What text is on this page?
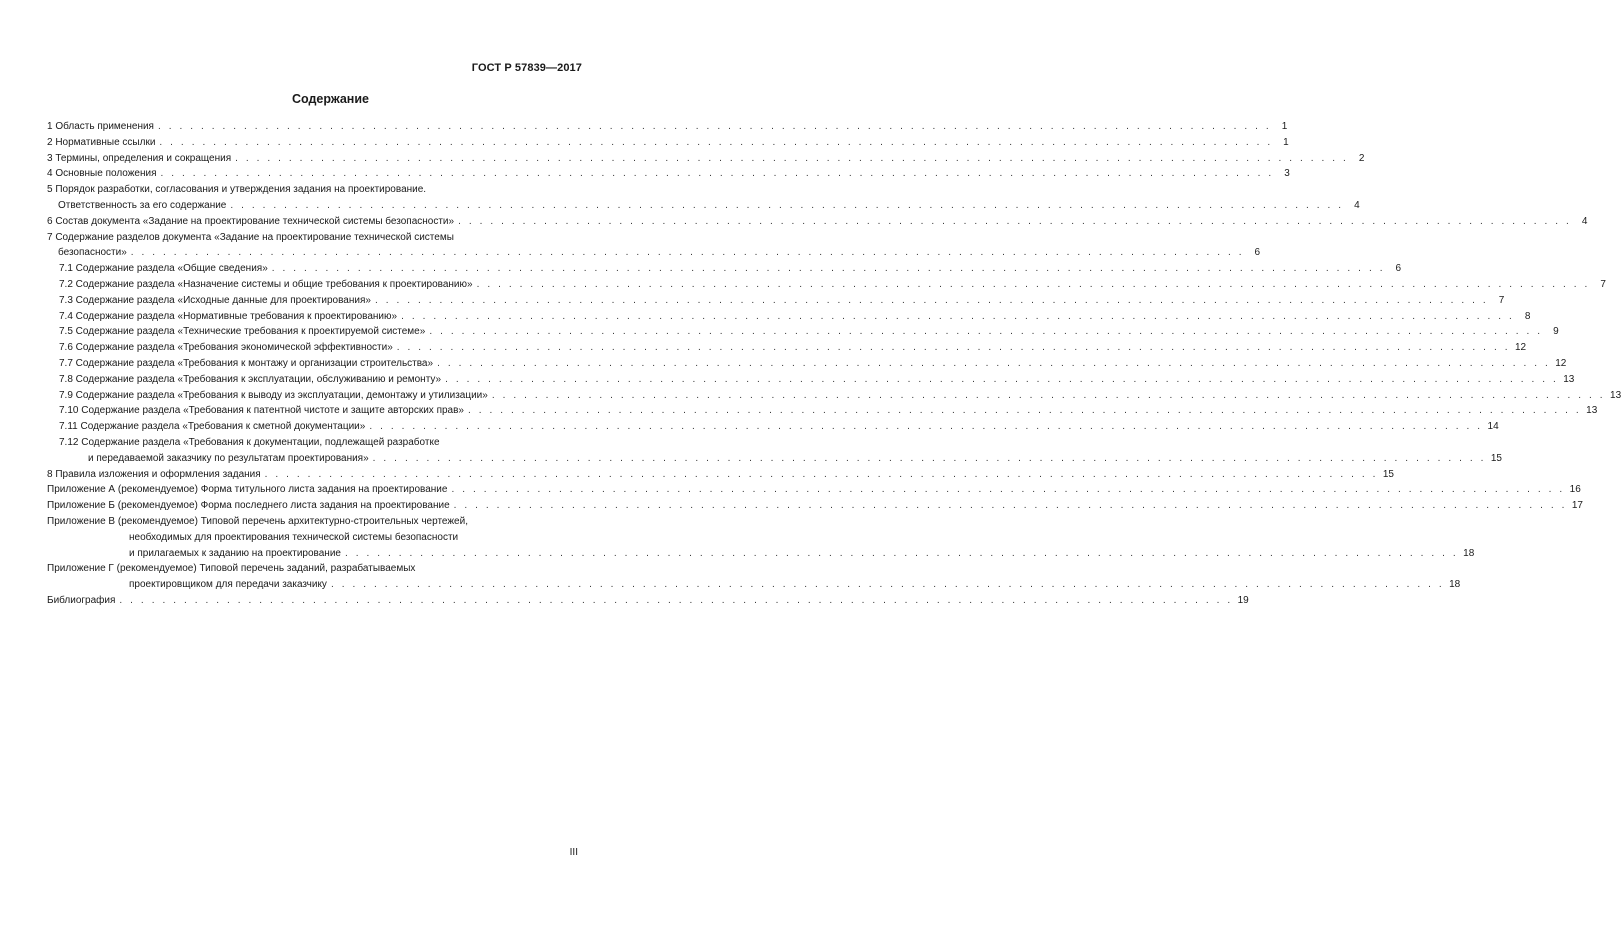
ГОСТ Р 57839—2017
Содержание
1 Область применения . . . . . . . . . . . . . . . . . . . . . . . . . . . . . . . . . . . . . . . . . . . . . . . . . . . . . . . . . . . . . . . . . . . . . . . . . . . . . . . . . . . . . . . . . . . . . . . . . . . . . . . .	1
2 Нормативные ссылки . . . . . . . . . . . . . . . . . . . . . . . . . . . . . . . . . . . . . . . . . . . . . . . . . . . . . . . . . . . . . . . . . . . . . . . . . . . . . . . . . . . . . . . . . . . . . . . . . . . . . . . .	1
3 Термины, определения и сокращения . . . . . . . . . . . . . . . . . . . . . . . . . . . . . . . . . . . . . . . . . . . . . . . . . . . . . . . . . . . . . . . . . . . . . . . . . . . . . . . . . . . . . . . . . . . . . . . . . . . . . . . .	2
4 Основные положения . . . . . . . . . . . . . . . . . . . . . . . . . . . . . . . . . . . . . . . . . . . . . . . . . . . . . . . . . . . . . . . . . . . . . . . . . . . . . . . . . . . . . . . . . . . . . . . . . . . . . . . .	3
5 Порядок разработки, согласования и утверждения задания на проектирование.
Ответственность за его содержание . . . . . . . . . . . . . . . . . . . . . . . . . . . . . . . . . . . . . . . . . . . . . . . . . . . . . . . . . . . . . . . . . . . . . . . . . . . . . . . . . . . . . . . . . . . . . . . . . . . . . . . .	4
6 Состав документа «Задание на проектирование технической системы безопасности» . . . . . . . . . . . . . . . . . . . . . . . . . . . . . . . . . . . . . . . . . . . . . . . . . . . . . . . . . . . . . . . . . . . . . . . . . . . . . . . . . . . . . . . . . . . . . . . . . . . . . . . .	4
7 Содержание разделов документа «Задание на проектирование технической системы
безопасности» . . . . . . . . . . . . . . . . . . . . . . . . . . . . . . . . . . . . . . . . . . . . . . . . . . . . . . . . . . . . . . . . . . . . . . . . . . . . . . . . . . . . . . . . . . . . . . . . . . . . . . . .	6
7.1 Содержание раздела «Общие сведения» . . . . . . . . . . . . . . . . . . . . . . . . . . . . . . . . . . . . . . . . . . . . . . . . . . . . . . . . . . . . . . . . . . . . . . . . . . . . . . . . . . . . . . . . . . . . . . . . . . . . . . . .	6
7.2 Содержание раздела «Назначение системы и общие требования к проектированию» . . . . . . . . . . . . . . . . . . . . . . . . . . . . . . . . . . . . . . . . . . . . . . . . . . . . . . . . . . . . . . . . . . . . . . . . . . . . . . . . . . . . . . . . . . . . . . . . . . . . . . . .	7
7.3 Содержание раздела «Исходные данные для проектирования» . . . . . . . . . . . . . . . . . . . . . . . . . . . . . . . . . . . . . . . . . . . . . . . . . . . . . . . . . . . . . . . . . . . . . . . . . . . . . . . . . . . . . . . . . . . . . . . . . . . . . . . .	7
7.4 Содержание раздела «Нормативные требования к проектированию» . . . . . . . . . . . . . . . . . . . . . . . . . . . . . . . . . . . . . . . . . . . . . . . . . . . . . . . . . . . . . . . . . . . . . . . . . . . . . . . . . . . . . . . . . . . . . . . . . . . . . . . .	8
7.5 Содержание раздела «Технические требования к проектируемой системе» . . . . . . . . . . . . . . . . . . . . . . . . . . . . . . . . . . . . . . . . . . . . . . . . . . . . . . . . . . . . . . . . . . . . . . . . . . . . . . . . . . . . . . . . . . . . . . . . . . . . . . . .	9
7.6 Содержание раздела «Требования экономической эффективности» . . . . . . . . . . . . . . . . . . . . . . . . . . . . . . . . . . . . . . . . . . . . . . . . . . . . . . . . . . . . . . . . . . . . . . . . . . . . . . . . . . . . . . . . . . . . . . . . . . . . . . . . 12
7.7 Содержание раздела «Требования к монтажу и организации строительства» . . . . . . . . . . . . . . . . . . . . . . . . . . . . . . . . . . . . . . . . . . . . . . . . . . . . . . . . . . . . . . . . . . . . . . . . . . . . . . . . . . . . . . . . . . . . . . . . . . . . . . . . 12
7.8 Содержание раздела «Требования к эксплуатации, обслуживанию и ремонту» . . . . . . . . . . . . . . . . . . . . . . . . . . . . . . . . . . . . . . . . . . . . . . . . . . . . . . . . . . . . . . . . . . . . . . . . . . . . . . . . . . . . . . . . . . . . . . . . . . . . . . . . 13
7.9 Содержание раздела «Требования к выводу из эксплуатации, демонтажу и утилизации» . . . . . . . . . . . . . . . . . . . . . . . . . . . . . . . . . . . . . . . . . . . . . . . . . . . . . . . . . . . . . . . . . . . . . . . . . . . . . . . . . . . . . . . . . . . . . . . . . . . . . . . . 13
7.10 Содержание раздела «Требования к патентной чистоте и защите авторских прав» . . . . . . . . . . . . . . . . . . . . . . . . . . . . . . . . . . . . . . . . . . . . . . . . . . . . . . . . . . . . . . . . . . . . . . . . . . . . . . . . . . . . . . . . . . . . . . . . . . . . . . . . 13
7.11 Содержание раздела «Требования к сметной документации» . . . . . . . . . . . . . . . . . . . . . . . . . . . . . . . . . . . . . . . . . . . . . . . . . . . . . . . . . . . . . . . . . . . . . . . . . . . . . . . . . . . . . . . . . . . . . . . . . . . . . . . . 14
7.12 Содержание раздела «Требования к документации, подлежащей разработке
и передаваемой заказчику по результатам проектирования» . . . . . . . . . . . . . . . . . . . . . . . . . . . . . . . . . . . . . . . . . . . . . . . . . . . . . . . . . . . . . . . . . . . . . . . . . . . . . . . . . . . . . . . . . . . . . . . . . . . . . . . . 15
8 Правила изложения и оформления задания . . . . . . . . . . . . . . . . . . . . . . . . . . . . . . . . . . . . . . . . . . . . . . . . . . . . . . . . . . . . . . . . . . . . . . . . . . . . . . . . . . . . . . . . . . . . . . . . . . . . . . . . 15
Приложение А (рекомендуемое) Форма титульного листа задания на проектирование . . . . . . . . . . . . . . . . . . . . . . . . . . . . . . . . . . . . . . . . . . . . . . . . . . . . . . . . . . . . . . . . . . . . . . . . . . . . . . . . . . . . . . . . . . . . . . . . . . . . . . . . 16
Приложение Б (рекомендуемое) Форма последнего листа задания на проектирование . . . . . . . . . . . . . . . . . . . . . . . . . . . . . . . . . . . . . . . . . . . . . . . . . . . . . . . . . . . . . . . . . . . . . . . . . . . . . . . . . . . . . . . . . . . . . . . . . . . . . . . . 17
Приложение В (рекомендуемое) Типовой перечень архитектурно-строительных чертежей,
необходимых для проектирования технической системы безопасности
и прилагаемых к заданию на проектирование . . . . . . . . . . . . . . . . . . . . . . . . . . . . . . . . . . . . . . . . . . . . . . . . . . . . . . . . . . . . . . . . . . . . . . . . . . . . . . . . . . . . . . . . . . . . . . . . . . . . . . . . 18
Приложение Г (рекомендуемое) Типовой перечень заданий, разрабатываемых
проектировщиком для передачи заказчику . . . . . . . . . . . . . . . . . . . . . . . . . . . . . . . . . . . . . . . . . . . . . . . . . . . . . . . . . . . . . . . . . . . . . . . . . . . . . . . . . . . . . . . . . . . . . . . . . . . . . . . . 18
Библиография . . . . . . . . . . . . . . . . . . . . . . . . . . . . . . . . . . . . . . . . . . . . . . . . . . . . . . . . . . . . . . . . . . . . . . . . . . . . . . . . . . . . . . . . . . . . . . . . . . . . . . . . 19
III
